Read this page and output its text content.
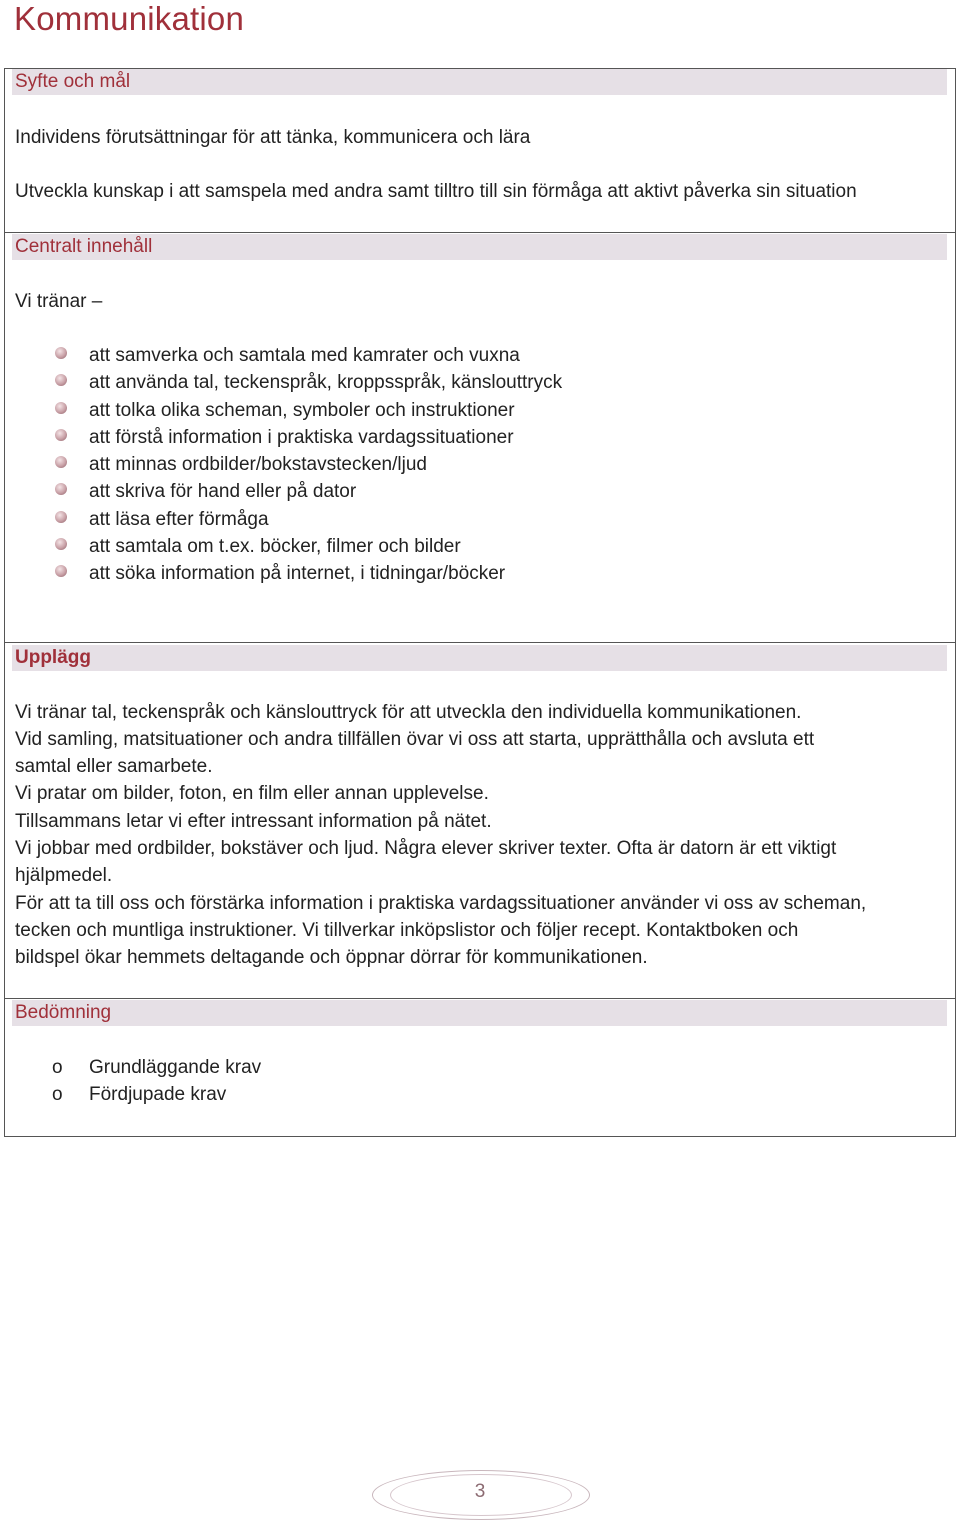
Kommunikation
Syfte och mål
Individens förutsättningar för att tänka, kommunicera och lära
Utveckla kunskap i att samspela med andra samt tilltro till sin förmåga att aktivt påverka sin situation
Centralt innehåll
Vi tränar –
att samverka och samtala med kamrater och vuxna
att använda tal, teckenspråk, kroppsspråk, känslouttryck
att tolka olika scheman, symboler och instruktioner
att förstå information i praktiska vardagssituationer
att minnas ordbilder/bokstavstecken/ljud
att skriva för hand eller på dator
att läsa efter förmåga
att samtala om t.ex. böcker, filmer och bilder
att söka information på internet, i tidningar/böcker
Upplägg
Vi tränar tal, teckenspråk och känslouttryck för att utveckla den individuella kommunikationen.
Vid samling, matsituationer och andra tillfällen övar vi oss att starta, upprätthålla och avsluta ett
samtal eller samarbete.
Vi pratar om bilder, foton, en film eller annan upplevelse.
Tillsammans letar vi efter intressant information på nätet.
Vi jobbar med ordbilder, bokstäver och ljud. Några elever skriver texter. Ofta är datorn är ett viktigt
hjälpmedel.
För att ta till oss och förstärka information i praktiska vardagssituationer använder vi oss av scheman,
tecken och muntliga instruktioner. Vi tillverkar inköpslistor och följer recept. Kontaktboken och
bildspel ökar hemmets deltagande och öppnar dörrar för kommunikationen.
Bedömning
o Grundläggande krav
o Fördjupade krav
3
